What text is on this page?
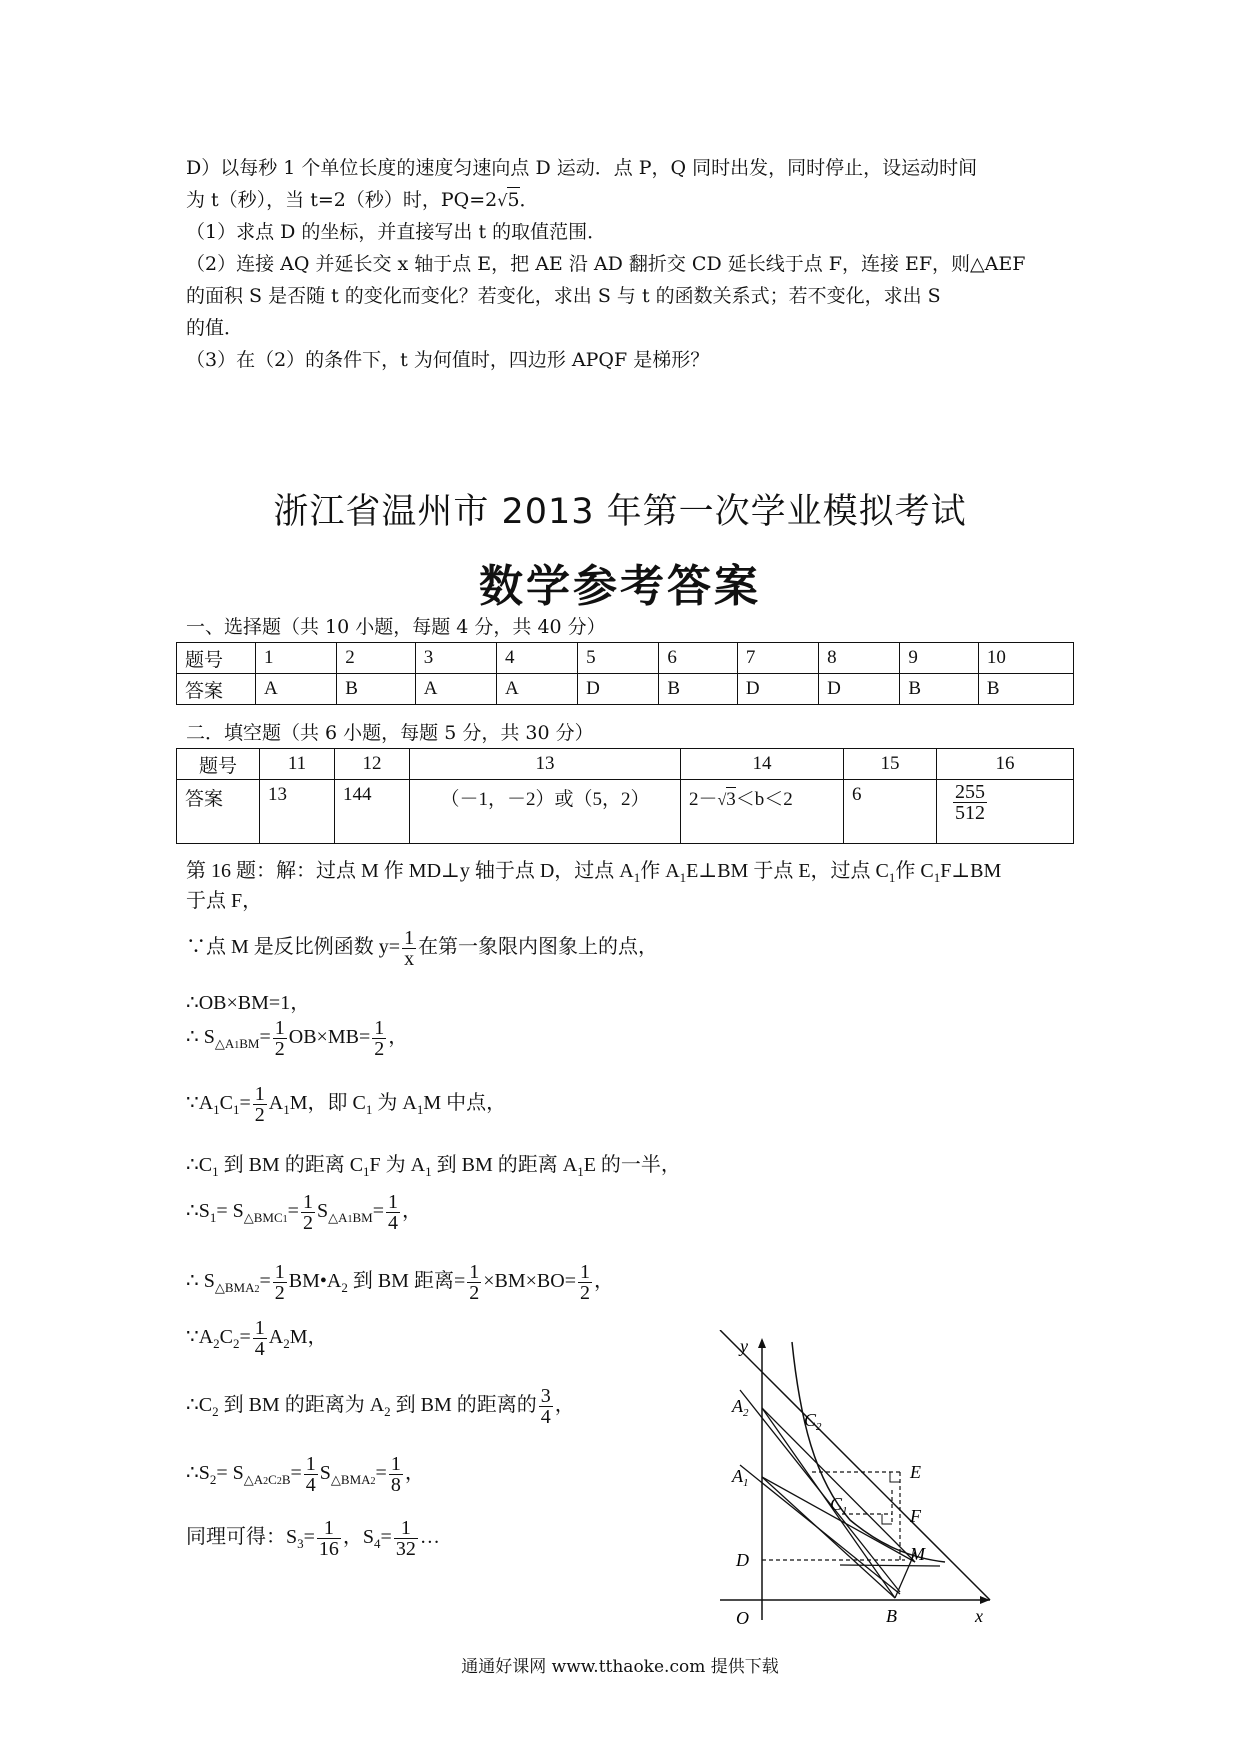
D）以每秒 1 个单位长度的速度匀速向点 D 运动．点 P，Q 同时出发，同时停止，设运动时间
为 t（秒），当 t=2（秒）时，PQ=2√5．
（1）求点 D 的坐标，并直接写出 t 的取值范围．
（2）连接 AQ 并延长交 x 轴于点 E，把 AE 沿 AD 翻折交 CD 延长线于点 F，连接 EF，则△AEF
的面积 S 是否随 t 的变化而变化？若变化，求出 S 与 t 的函数关系式；若不变化，求出 S
的值．
（3）在（2）的条件下，t 为何值时，四边形 APQF 是梯形？
浙江省温州市 2013 年第一次学业模拟考试
数学参考答案
一、选择题（共 10 小题，每题 4 分，共 40 分）
题号	1	2	3	4	5	6	7	8	9	10
答案	A	B	A	A	D	B	D	D	B	B
二．填空题（共 6 小题，每题 5 分，共 30 分）
题号	11	12	13	14	15	16
答案	13	144	（－1，－2）或（5，2）	2－√3＜b＜2	6	$\frac{255}{512}$
第 16 题：解：过点 M 作 MD⊥y 轴于点 D，过点 $A_1$作 $A_1E\perp BM$ 于点 E，过点 $C_1$作 $C_1F\perp BM$
于点 F，
∵点 M 是反比例函数 $y= \frac{1}{x}$ 在第一象限内图象上的点，
∴OB×BM=1，
∴ $S_{\triangle A1BM}= \frac{1}{2} OB\times MB= \frac{1}{2}$ ，
$\because A_1C_1= \frac{1}{2} A_1M$，即 $C_1$ 为 $A_1M$ 中点，
$\therefore C_1$ 到 BM 的距离 $C_1F$ 为 $A_1$ 到 BM 的距离 $A_1E$ 的一半，
$\therefore S_1= S_{\triangle BMC1}= \frac{1}{2} S_{\triangle A1BM}= \frac{1}{4}$ ，
∴ $S_{\triangle BMA2}= \frac{1}{2}$ $BM•A_2$ 到 BM 距离= $\frac{1}{2} \times BM\times BO= \frac{1}{2}$ ，
$\because A_2C_2= \frac{1}{4} A_2M$，
$\therefore C_2$ 到 BM 的距离为 $A_2$ 到 BM 的距离的 $\frac{3}{4}$ ，
$\therefore S_2= S_{\triangle A2C2B}= \frac{1}{4} S_{\triangle BMA2}= \frac{1}{8}$ ，
同理可得：$S_3= \frac{1}{16}$ ，$S_4= \frac{1}{32}$ …
y
x
O	B
D
$A_1$
$A_2$
$C_1$
$C_2$
E
F
M
通通好课网 www.tthaoke.com 提供下载
